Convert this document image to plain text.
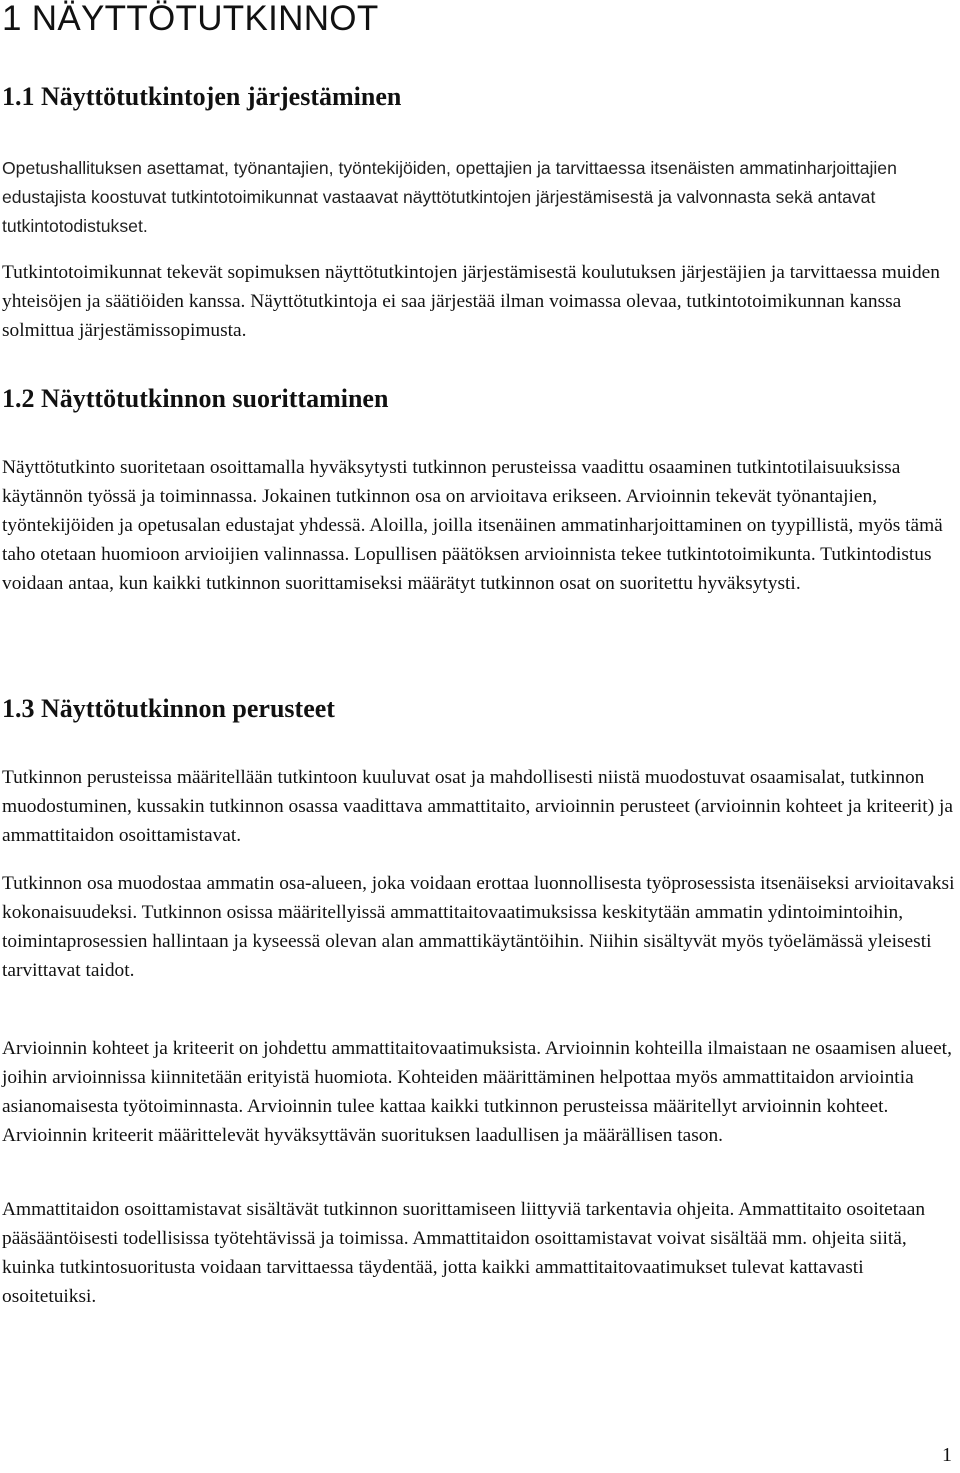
1 NÄYTTÖTUTKINNOT
1.1 Näyttötutkintojen järjestäminen

Opetushallituksen asettamat, työnantajien, työntekijöiden, opettajien ja tarvittaessa itsenäisten ammatinharjoittajien edustajista koostuvat tutkintotoimikunnat vastaavat näyttötutkintojen järjestämisestä ja valvonnasta sekä antavat tutkintotodistukset.

Tutkintotoimikunnat tekevät sopimuksen näyttötutkintojen järjestämisestä koulutuksen järjestäjien ja tarvittaessa muiden yhteisöjen ja säätiöiden kanssa. Näyttötutkintoja ei saa järjestää ilman voimassa olevaa, tutkintotoimikunnan kanssa solmittua järjestämissopimusta.

1.2 Näyttötutkinnon suorittaminen

Näyttötutkinto suoritetaan osoittamalla hyväksytysti tutkinnon perusteissa vaadittu osaaminen tutkintotilaisuuksissa käytännön työssä ja toiminnassa. Jokainen tutkinnon osa on arvioitava erikseen. Arvioinnin tekevät työnantajien, työntekijöiden ja opetusalan edustajat yhdessä. Aloilla, joilla itsenäinen ammatinharjoittaminen on tyypillistä, myös tämä taho otetaan huomioon arvioijien valinnassa. Lopullisen päätöksen arvioinnista tekee tutkintotoimikunta. Tutkintodistus voidaan antaa, kun kaikki tutkinnon suorittamiseksi määrätyt tutkinnon osat on suoritettu hyväksytysti.

1.3 Näyttötutkinnon perusteet

Tutkinnon perusteissa määritellään tutkintoon kuuluvat osat ja mahdollisesti niistä muodostuvat osaamisalat, tutkinnon muodostuminen, kussakin tutkinnon osassa vaadittava ammattitaito, arvioinnin perusteet (arvioinnin kohteet ja kriteerit) ja ammattitaidon osoittamistavat.

Tutkinnon osa muodostaa ammatin osa-alueen, joka voidaan erottaa luonnollisesta työprosessista itsenäiseksi arvioitavaksi kokonaisuudeksi. Tutkinnon osissa määritellyissä ammattitaitovaatimuksissa keskitytään ammatin ydintoimintoihin, toimintaprosessien hallintaan ja kyseessä olevan alan ammattikäytäntöihin. Niihin sisältyvät myös työelämässä yleisesti tarvittavat taidot.

Arvioinnin kohteet ja kriteerit on johdettu ammattitaitovaatimuksista. Arvioinnin kohteilla ilmaistaan ne osaamisen alueet, joihin arvioinnissa kiinnitetään erityistä huomiota. Kohteiden määrittäminen helpottaa myös ammattitaidon arviointia asianomaisesta työtoiminnasta. Arvioinnin tulee kattaa kaikki tutkinnon perusteissa määritellyt arvioinnin kohteet. Arvioinnin kriteerit määrittelevät hyväksyttävän suorituksen laadullisen ja määrällisen tason.

Ammattitaidon osoittamistavat sisältävät tutkinnon suorittamiseen liittyviä tarkentavia ohjeita. Ammattitaito osoitetaan pääsääntöisesti todellisissa työtehtävissä ja toimissa. Ammattitaidon osoittamistavat voivat sisältää mm. ohjeita siitä, kuinka tutkintosuoritusta voidaan tarvittaessa täydentää, jotta kaikki ammattitaitovaatimukset tulevat kattavasti osoitetuiksi.

1
